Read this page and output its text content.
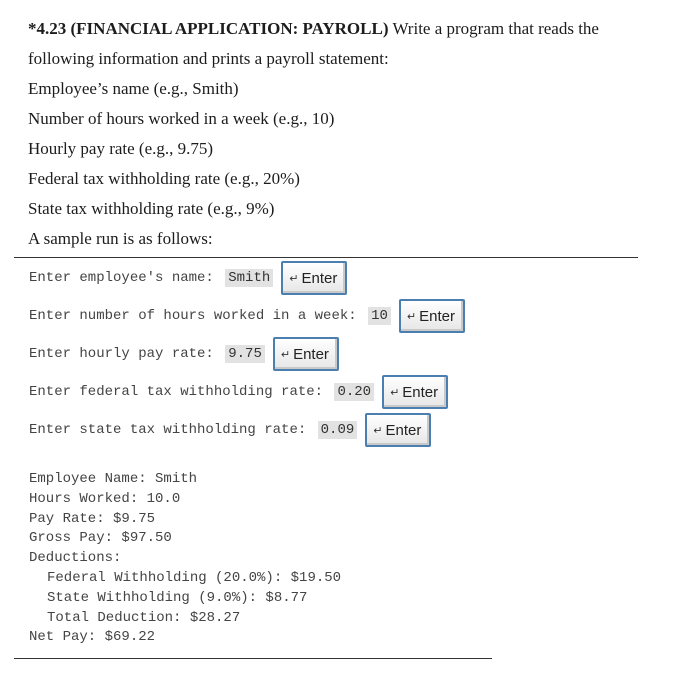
*4.23 (FINANCIAL APPLICATION: PAYROLL) Write a program that reads the
following information and prints a payroll statement:
Employee’s name (e.g., Smith)
Number of hours worked in a week (e.g., 10)
Hourly pay rate (e.g., 9.75)
Federal tax withholding rate (e.g., 20%)
State tax withholding rate (e.g., 9%)
A sample run is as follows:
Enter employee's name: Smith ↵ Enter
Enter number of hours worked in a week: 10 ↵ Enter
Enter hourly pay rate: 9.75 ↵ Enter
Enter federal tax withholding rate: 0.20 ↵ Enter
Enter state tax withholding rate: 0.09 ↵ Enter
Employee Name: Smith
Hours Worked: 10.0
Pay Rate: $9.75
Gross Pay: $97.50
Deductions:
Federal Withholding (20.0%): $19.50
State Withholding (9.0%): $8.77
Total Deduction: $28.27
Net Pay: $69.22
